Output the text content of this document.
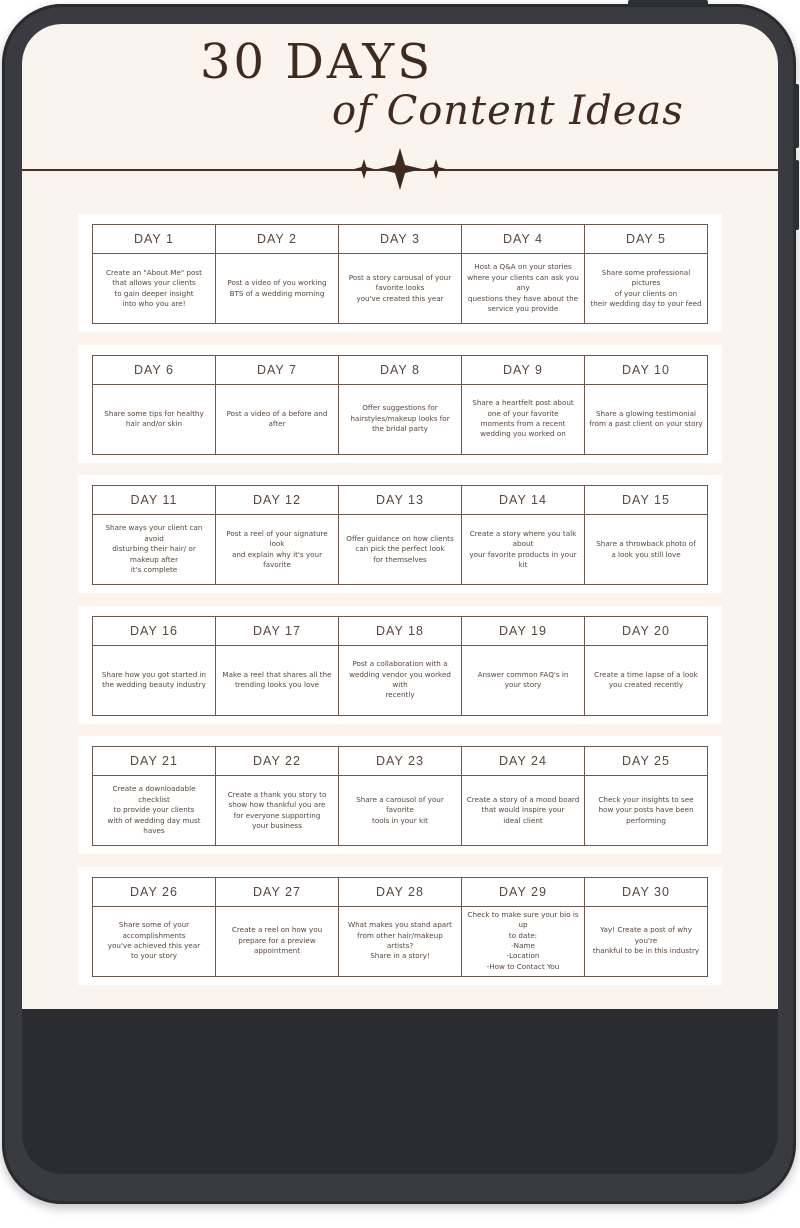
30 DAYS
of Content Ideas
DAY 1	DAY 2	DAY 3	DAY 4	DAY 5
Create an "About Me" post
that allows your clients
to gain deeper insight
into who you are!	Post a video of you working
BTS of a wedding morning	Post a story carousal of your
favorite looks
you've created this year	Host a Q&A on your stories
where your clients can ask you any
questions they have about the
service you provide	Share some professional pictures
of your clients on
their wedding day to your feed
DAY 6	DAY 7	DAY 8	DAY 9	DAY 10
Share some tips for healthy
hair and/or skin	Post a video of a before and after	Offer suggestions for
hairstyles/makeup looks for
the bridal party	Share a heartfelt post about
one of your favorite
moments from a recent
wedding you worked on	Share a glowing testimonial
from a past client on your story
DAY 11	DAY 12	DAY 13	DAY 14	DAY 15
Share ways your client can avoid
disturbing their hair/ or makeup after
it's complete	Post a reel of your signature look
and explain why it's your favorite	Offer guidance on how clients
can pick the perfect look
for themselves	Create a story where you talk about
your favorite products in your kit	Share a throwback photo of
a look you still love
DAY 16	DAY 17	DAY 18	DAY 19	DAY 20
Share how you got started in
the wedding beauty industry	Make a reel that shares all the
trending looks you love	Post a collaboration with a
wedding vendor you worked with
recently	Answer common FAQ's in
your story	Create a time lapse of a look
you created recently
DAY 21	DAY 22	DAY 23	DAY 24	DAY 25
Create a downloadable checklist
to provide your clients
with of wedding day must haves	Create a thank you story to
show how thankful you are
for everyone supporting
your business	Share a carousol of your favorite
tools in your kit	Create a story of a mood board
that would inspire your
ideal client	Check your insights to see
how your posts have been
performing
DAY 26	DAY 27	DAY 28	DAY 29	DAY 30
Share some of your
accomplishments
you've achieved this year
to your story	Create a reel on how you
prepare for a preview
appointment	What makes you stand apart
from other hair/makeup artists?
Share in a story!	Check to make sure your bio is up
to date:
-Name
-Location
-How to Contact You	Yay! Create a post of why you're
thankful to be in this industry
